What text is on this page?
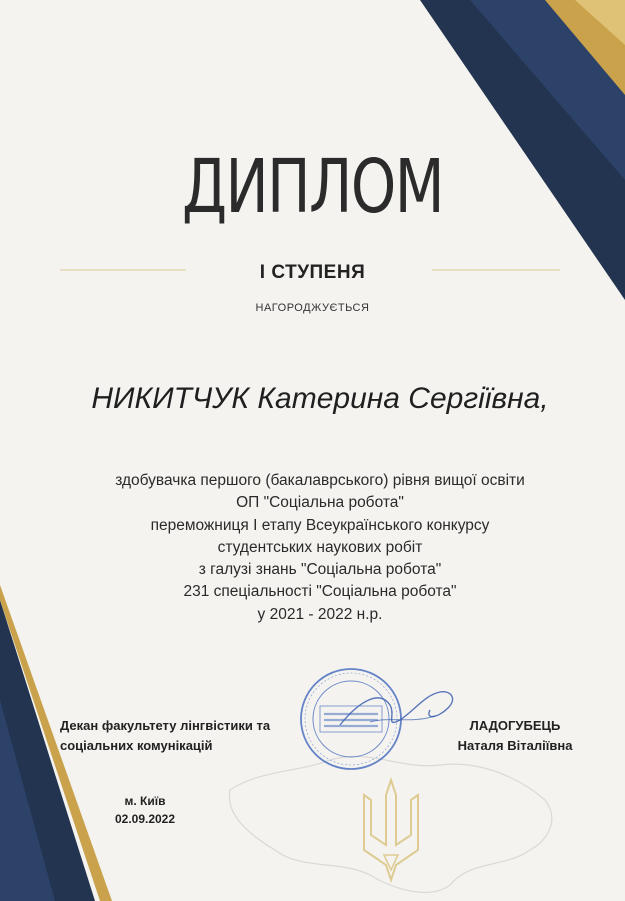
ДИПЛОМ
І СТУПЕНЯ
НАГОРОДЖУЄТЬСЯ
НИКИТЧУК Катерина Сергіївна,
здобувачка першого (бакалаврського) рівня вищої освіти
ОП "Соціальна робота"
переможниця І етапу Всеукраїнського конкурсу
студентських наукових робіт
з галузі знань "Соціальна робота"
231 спеціальності "Соціальна робота"
у 2021 - 2022 н.р.
Декан факультету лінгвістики та
соціальних комунікацій
ЛАДОГУБЕЦЬ
Наталя Віталіївна
м. Київ
02.09.2022
